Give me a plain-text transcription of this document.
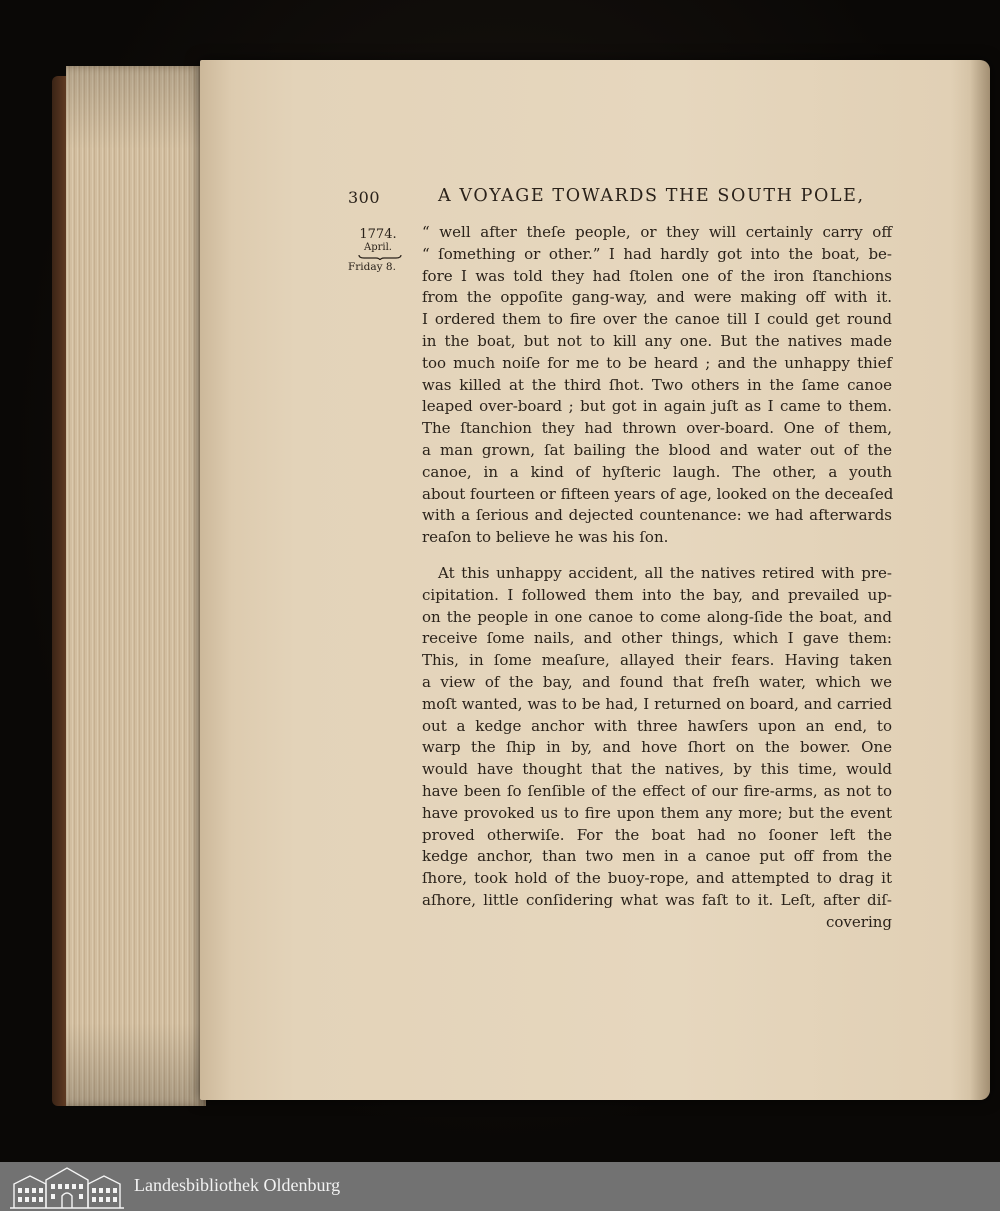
300	A VOYAGE TOWARDS THE SOUTH POLE,
1774.
April.
Friday 8.
“ well after theſe people, or they will certainly carry off
“ ſomething or other.” I had hardly got into the boat, be-
fore I was told they had ſtolen one of the iron ſtanchions
from the oppoſite gang-way, and were making off with it.
I ordered them to fire over the canoe till I could get round
in the boat, but not to kill any one. But the natives made
too much noiſe for me to be heard ; and the unhappy thief
was killed at the third ſhot. Two others in the ſame canoe
leaped over-board ; but got in again juſt as I came to them.
The ſtanchion they had thrown over-board. One of them,
a man grown, ſat bailing the blood and water out of the
canoe, in a kind of hyſteric laugh. The other, a youth
about fourteen or fifteen years of age, looked on the deceaſed
with a ſerious and dejected countenance: we had afterwards
reaſon to believe he was his ſon.
At this unhappy accident, all the natives retired with pre-
cipitation. I followed them into the bay, and prevailed up-
on the people in one canoe to come along-ſide the boat, and
receive ſome nails, and other things, which I gave them:
This, in ſome meaſure, allayed their fears. Having taken
a view of the bay, and found that freſh water, which we
moſt wanted, was to be had, I returned on board, and carried
out a kedge anchor with three hawſers upon an end, to
warp the ſhip in by, and hove ſhort on the bower. One
would have thought that the natives, by this time, would
have been ſo ſenſible of the effect of our fire-arms, as not to
have provoked us to fire upon them any more; but the event
proved otherwiſe. For the boat had no ſooner left the
kedge anchor, than two men in a canoe put off from the
ſhore, took hold of the buoy-rope, and attempted to drag it
aſhore, little conſidering what was faſt to it. Leſt, after diſ-
covering
Landesbibliothek Oldenburg
